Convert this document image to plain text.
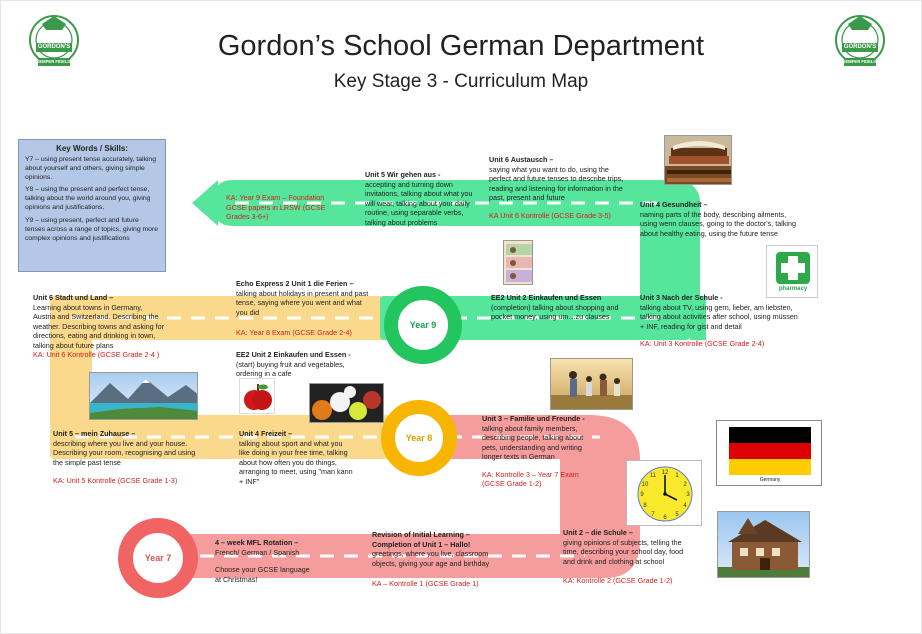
GORDON'S
SEMPER FIDELIS
GORDON'S
SEMPER FIDELIS
Gordon’s School German Department
Key Stage 3 - Curriculum Map
Key Words / Skills:

Y7 – using present tense accurately, talking about yourself and others, giving simple opinions.

Y8 – using the present and perfect tense, talking about the world around you, giving opinions and justifications.

Y9 – using present, perfect and future tenses across a range of topics, giving more complex opinions and justifications

Year 7
Year 8
Year 9
4 – week MFL Rotation –
French/ German / Spanish
Choose your GCSE language at Christmas!
Revision of Initial Learning – Completion of Unit 1 – Hallo!
greetings, where you live, classroom objects, giving your age and birthday
KA – Kontrolle 1 (GCSE Grade 1)
Unit 2 – die Schule –
giving opinions of subjects, telling the time, describing your school day, food and drink and clothing at school
KA: Kontrolle 2 (GCSE Grade 1-2)
Unit 3 – Familie und Freunde -
talking about family members, describing people, talking about pets, understanding and writing longer texts in German
KA: Kontrolle 3 – Year 7 Exam (GCSE Grade 1-2)
Unit 4 Freizeit –
talking about sport and what you like doing in your free time, talking about how often you do things, arranging to meet, using "man kann + INF"
Unit 5 – mein Zuhause –
describing where you live and your house. Describing your room, recognising and using the simple past tense
KA: Unit 5 Kontrolle (GCSE Grade 1-3)
EE2 Unit 2 Einkaufen und Essen -
(start) buying fruit and vegetables, ordering in a cafe
Unit 6 Stadt und Land –
Learning about towns in Germany, Austria and Switzerland. Describing the weather. Describing towns and asking for directions, eating and drinking in town, talking about future plans
KA: Unit 6 Kontrolle (GCSE Grade 2-4 )
Echo Express 2 Unit 1 die Ferien –
talking about holidays in present and past tense, saying where you went and what you did
KA: Year 8 Exam (GCSE Grade 2-4)
EE2 Unit 2 Einkaufen und Essen
(completion) talking about shopping and pocket money, using um…zu clauses
Unit 3 Nach der Schule -
talking about TV, using gern, lieber, am liebsten, talking about activities after school, using müssen + INF, reading for gist and detail
KA: Unit 3 Kontrolle (GCSE Grade 2-4)
Unit 4 Gesundheit –
naming parts of the body, describing ailments, using wenn clauses, going to the doctor's, talking about healthy eating, using the future tense
Unit 6 Austausch –
saying what you want to do, using the perfect and future tenses to describe trips, reading and listening for information in the past, present and future
KA Unit 6 Kontrolle (GCSE Grade 3-5)
Unit 5 Wir gehen aus -
accepting and turning down invitations, talking about what you will wear, talking about your daily routine, using separable verbs, talking about problems
KA: Year 9 Exam – Foundation GCSE papers in LRSW (GCSE Grades 3-6+)
pharmacy
Germany
12 1
2
3
4
5
6
7
8
9
10
11
